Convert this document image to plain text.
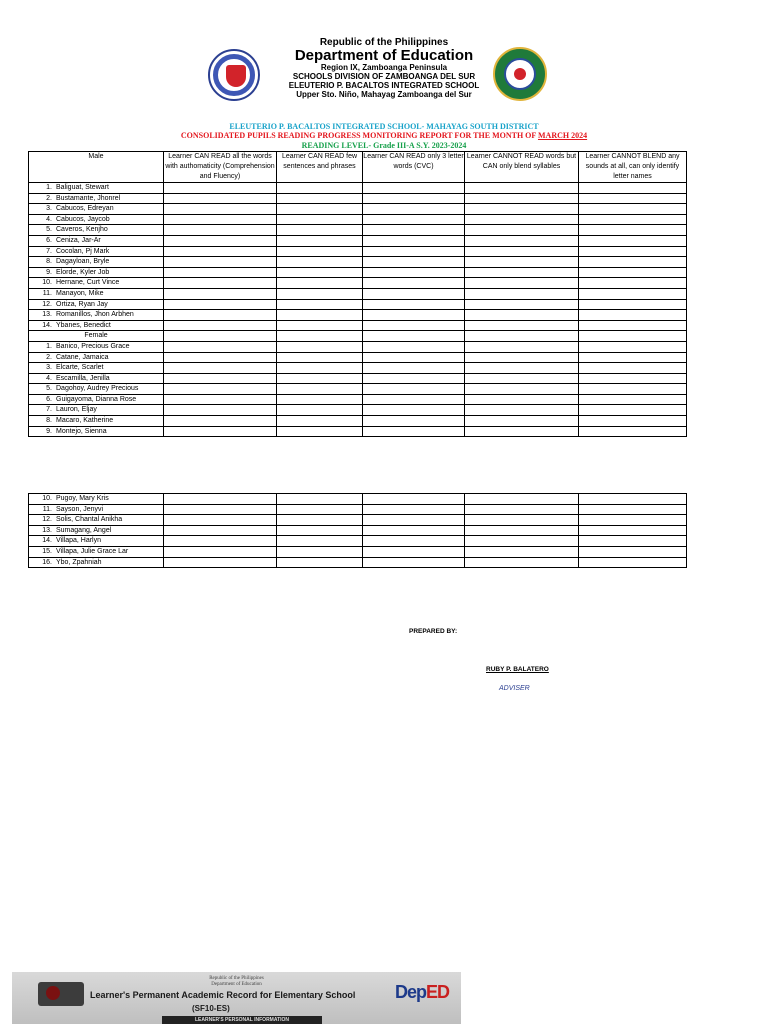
Republic of the Philippines
Department of Education
Region IX, Zamboanga Peninsula
SCHOOLS DIVISION OF ZAMBOANGA DEL SUR
ELEUTERIO P. BACALTOS INTEGRATED SCHOOL
Upper Sto. Niño, Mahayag Zamboanga del Sur
ELEUTERIO P. BACALTOS INTEGRATED SCHOOL- MAHAYAG SOUTH DISTRICT
CONSOLIDATED PUPILS READING PROGRESS MONITORING REPORT FOR THE MONTH OF MARCH 2024
READING LEVEL- Grade III-A S.Y. 2023-2024
Male	Learner CAN READ all the words with authomaticity (Comprehension and Fluency)	Learner CAN READ few sentences and phrases	Learner CAN READ only 3 letter words (CVC)	Learner CANNOT READ words but CAN only blend syllables	Learner CANNOT BLEND any sounds at all, can only identify letter names
1. Baliguat, Stewart					
2. Bustamante, Jhonrel					
3. Cabucos, Edreyan					
4. Cabucos, Jaycob					
5. Caveros, Kenjho					
6. Ceniza, Jar-Ar					
7. Cocolan, Pj Mark					
8. Dagayloan, Bryle					
9. Elorde, Kyler Job					
10. Hernane, Curt Vince					
11. Manayon, Mike					
12. Ortiza, Ryan Jay					
13. Romanillos, Jhon Arbhen					
14. Ybanes, Benedict					
Female					
1. Banico, Precious Grace					
2. Catane, Jamaica					
3. Elcarte, Scarlet					
4. Escamilla, Jenilla					
5. Dagohoy, Audrey Precious					
6. Guigayoma, Dianna Rose					
7. Lauron, Eljay					
8. Macaro, Katherine					
9. Montejo, Sienna					
10. Pugoy, Mary Kris					
11. Sayson, Jenyvi					
12. Solis, Chantal Anikha					
13. Sumagang, Angel					
14. Villapa, Harlyn					
15. Villapa, Julie Grace Lar					
16. Ybo, Zpahniah					
PREPARED BY:
RUBY P. BALATERO
ADVISER
Republic of the Philippines
Department of Education
Learner's Permanent Academic Record for Elementary School
(SF10-ES)
LEARNER'S PERSONAL INFORMATION
DepED
